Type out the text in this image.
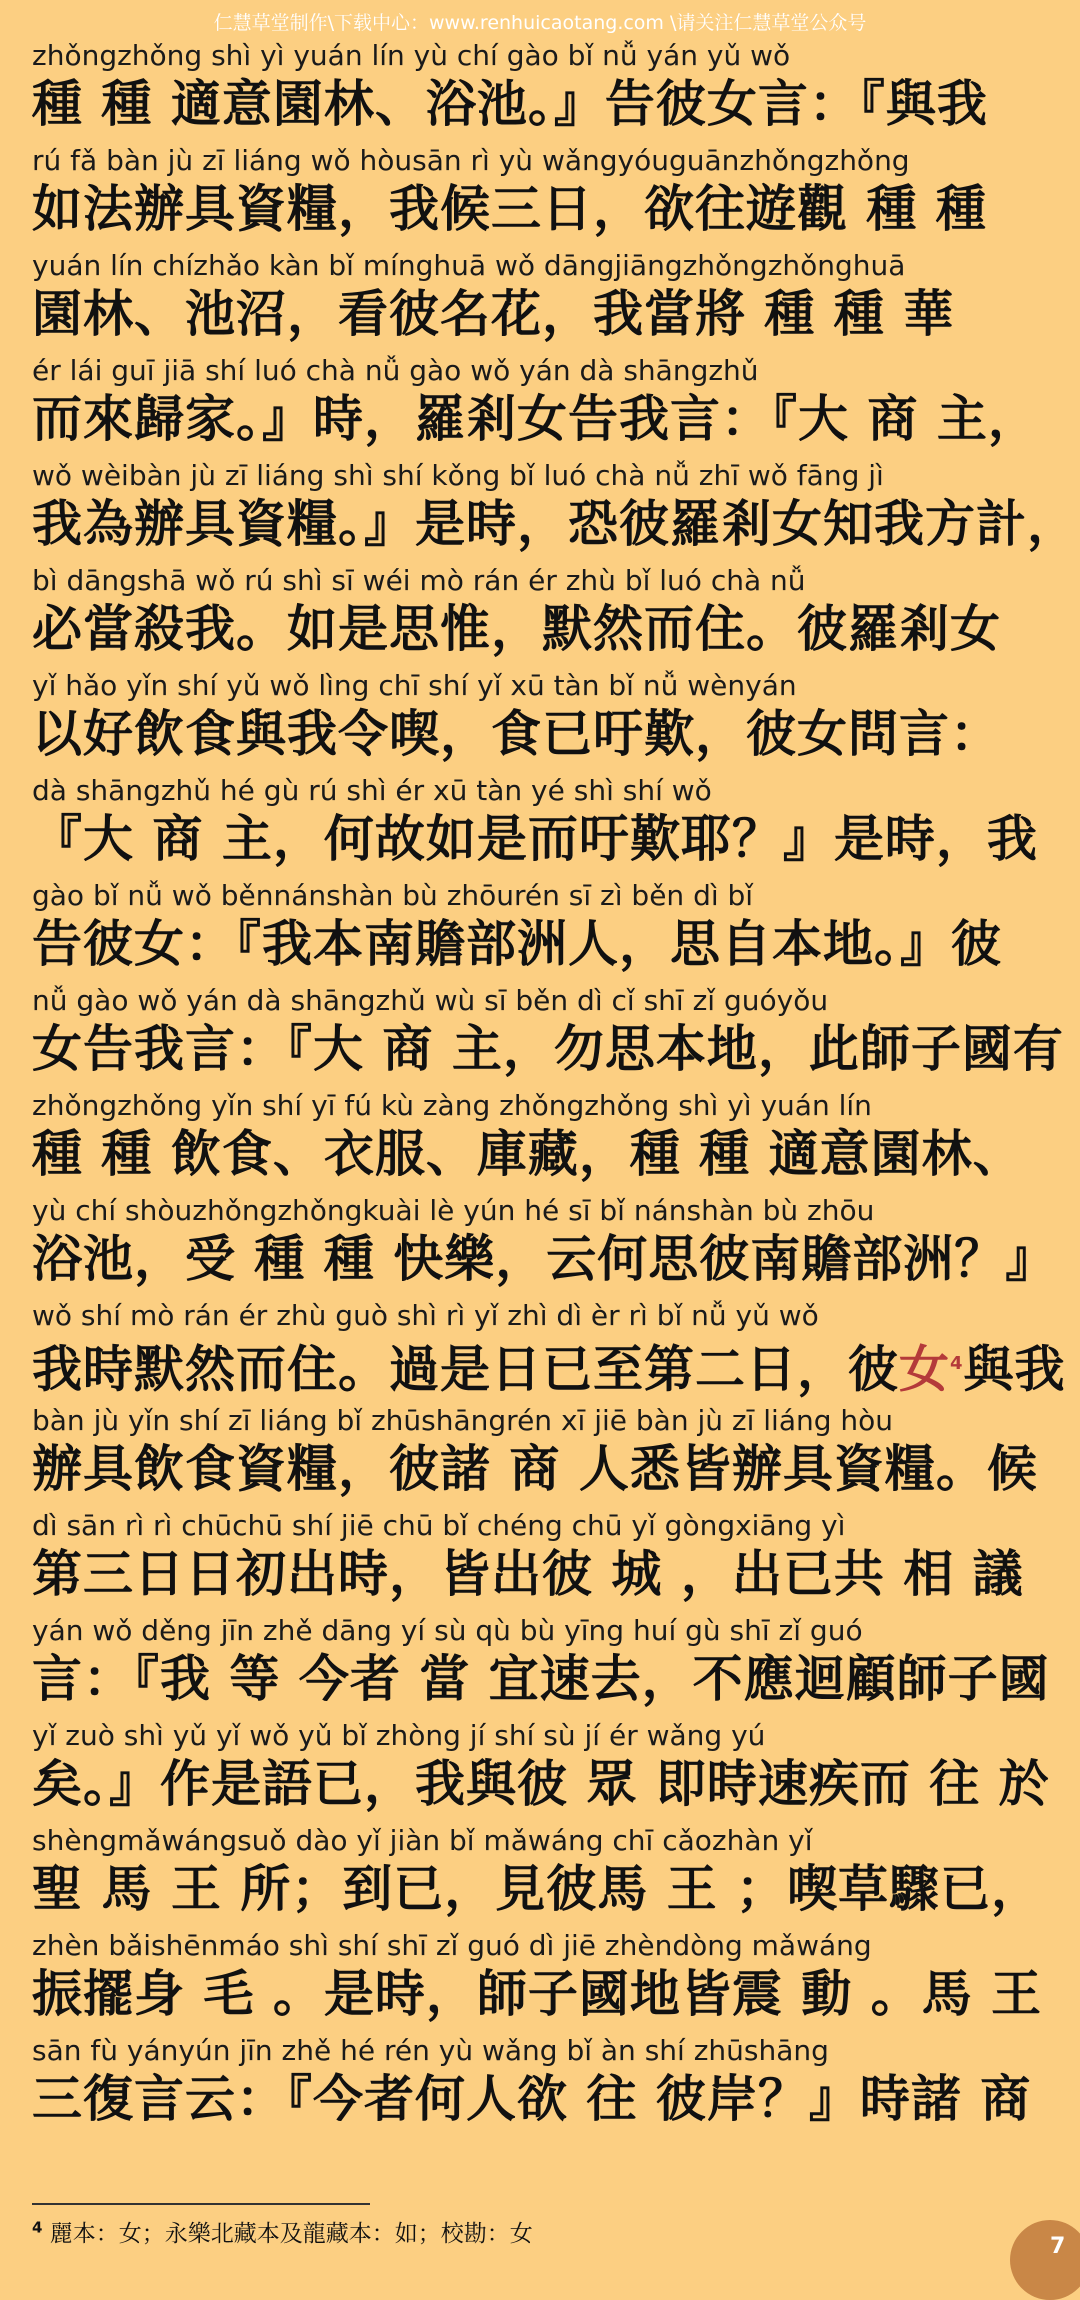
仁慧草堂制作\下载中心：www.renhuicaotang.com \请关注仁慧草堂公众号
zhǒngzhǒng shì yì yuán lín yù chí gào bǐ nǚ yán yǔ wǒ
種 種 適意園林、浴池。』告彼女言：『與我
rú fǎ bàn jù zī liáng wǒ hòusān rì yù wǎngyóuguānzhǒngzhǒng
如法辦具資糧，我候三日，欲往遊觀 種 種
yuán lín chízhǎo kàn bǐ mínghuā wǒ dāngjiāngzhǒngzhǒnghuā
園林、池沼，看彼名花，我當將 種 種 華
ér lái guī jiā shí luó chà nǚ gào wǒ yán dà shāngzhǔ
而來歸家。』時，羅剎女告我言：『大 商 主，
wǒ wèibàn jù zī liáng shì shí kǒng bǐ luó chà nǚ zhī wǒ fāng jì
我為辦具資糧。』是時，恐彼羅剎女知我方計，
bì dāngshā wǒ rú shì sī wéi mò rán ér zhù bǐ luó chà nǚ
必當殺我。如是思惟，默然而住。彼羅剎女
yǐ hǎo yǐn shí yǔ wǒ lìng chī shí yǐ xū tàn bǐ nǚ wènyán
以好飲食與我令喫，食已吁歎，彼女問言：
dà shāngzhǔ hé gù rú shì ér xū tàn yé shì shí wǒ
『大 商 主，何故如是而吁歎耶？』是時，我
gào bǐ nǚ wǒ běnnánshàn bù zhōurén sī zì běn dì bǐ
告彼女：『我本南贍部洲人，思自本地。』彼
nǚ gào wǒ yán dà shāngzhǔ wù sī běn dì cǐ shī zǐ guóyǒu
女告我言：『大 商 主，勿思本地，此師子國有
zhǒngzhǒng yǐn shí yī fú kù zàng zhǒngzhǒng shì yì yuán lín
種 種 飲食、衣服、庫藏，種 種 適意園林、
yù chí shòuzhǒngzhǒngkuài lè yún hé sī bǐ nánshàn bù zhōu
浴池，受 種 種 快樂，云何思彼南贍部洲？』
wǒ shí mò rán ér zhù guò shì rì yǐ zhì dì èr rì bǐ nǚ yǔ wǒ
我時默然而住。過是日已至第二日，彼女$^4$與我
bàn jù yǐn shí zī liáng bǐ zhūshāngrén xī jiē bàn jù zī liáng hòu
辦具飲食資糧，彼諸 商 人悉皆辦具資糧。候
dì sān rì rì chūchū shí jiē chū bǐ chéng chū yǐ gòngxiāng yì
第三日日初出時，皆出彼 城 ，出已共 相 議
yán wǒ děng jīn zhě dāng yí sù qù bù yīng huí gù shī zǐ guó
言：『我 等 今者 當 宜速去，不應迴顧師子國
yǐ zuò shì yǔ yǐ wǒ yǔ bǐ zhòng jí shí sù jí ér wǎng yú
矣。』作是語已，我與彼 眾 即時速疾而 往 於
shèngmǎwángsuǒ dào yǐ jiàn bǐ mǎwáng chī cǎozhàn yǐ
聖 馬 王 所；到已，見彼馬 王 ；喫草驟已，
zhèn bǎishēnmáo shì shí shī zǐ guó dì jiē zhèndòng mǎwáng
振擺身 毛 。是時，師子國地皆震 動 。馬 王
sān fù yányún jīn zhě hé rén yù wǎng bǐ àn shí zhūshāng
三復言云：『今者何人欲 往 彼岸？』時諸 商
$^4$ 麗本：女；永樂北藏本及龍藏本：如；校勘：女	7
